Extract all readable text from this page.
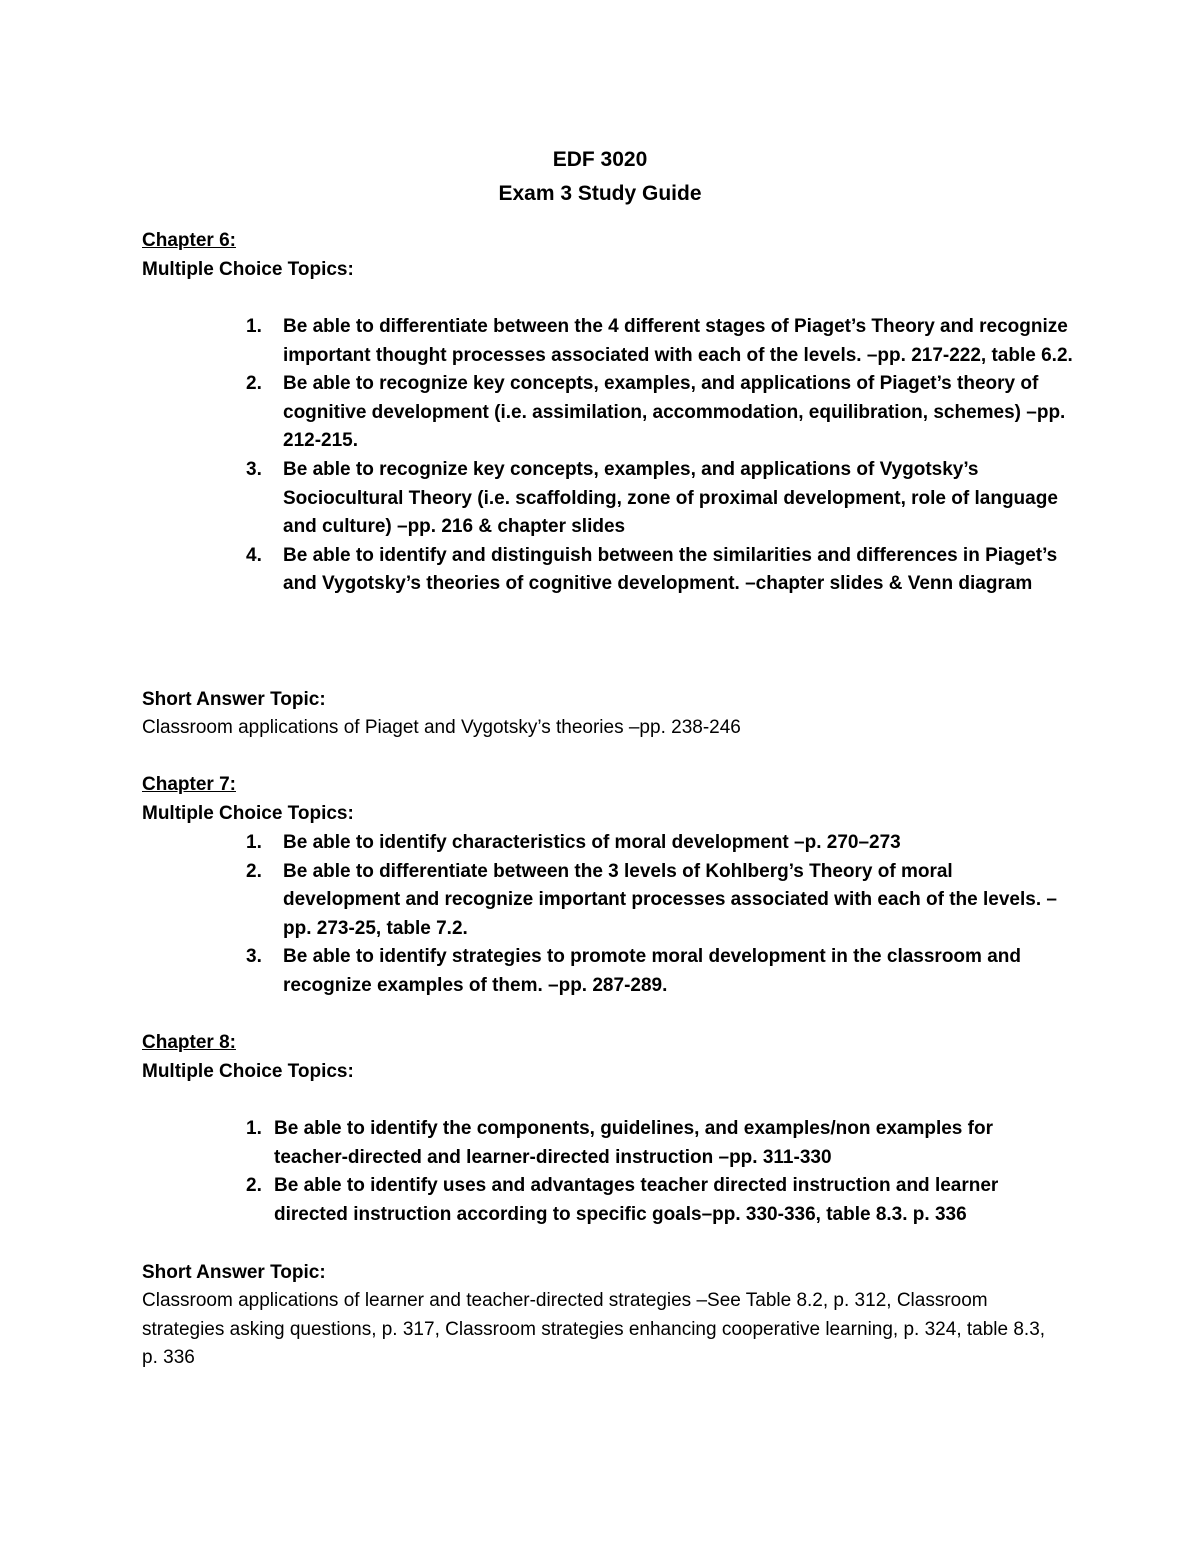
EDF 3020
Exam 3 Study Guide
Chapter 6:
Multiple Choice Topics:
1. Be able to differentiate between the 4 different stages of Piaget’s Theory and recognize important thought processes associated with each of the levels. –pp. 217-222, table 6.2.
2. Be able to recognize key concepts, examples, and applications of Piaget’s theory of cognitive development (i.e. assimilation, accommodation, equilibration, schemes) –pp. 212-215.
3. Be able to recognize key concepts, examples, and applications of Vygotsky’s Sociocultural Theory (i.e. scaffolding, zone of proximal development, role of language and culture) –pp. 216 & chapter slides
4. Be able to identify and distinguish between the similarities and differences in Piaget’s and Vygotsky’s theories of cognitive development. –chapter slides & Venn diagram
Short Answer Topic:
Classroom applications of Piaget and Vygotsky’s theories –pp. 238-246
Chapter 7:
Multiple Choice Topics:
1. Be able to identify characteristics of moral development –p. 270–273
2. Be able to differentiate between the 3 levels of Kohlberg’s Theory of moral development and recognize important processes associated with each of the levels. –pp. 273-25, table 7.2.
3. Be able to identify strategies to promote moral development in the classroom and recognize examples of them. –pp. 287-289.
Chapter 8:
Multiple Choice Topics:
1. Be able to identify the components, guidelines, and examples/non examples for teacher-directed and learner-directed instruction –pp. 311-330
2. Be able to identify uses and advantages teacher directed instruction and learner directed instruction according to specific goals–pp. 330-336, table 8.3. p. 336
Short Answer Topic:
Classroom applications of learner and teacher-directed strategies –See Table 8.2, p. 312, Classroom strategies asking questions, p. 317, Classroom strategies enhancing cooperative learning, p. 324, table 8.3, p. 336
